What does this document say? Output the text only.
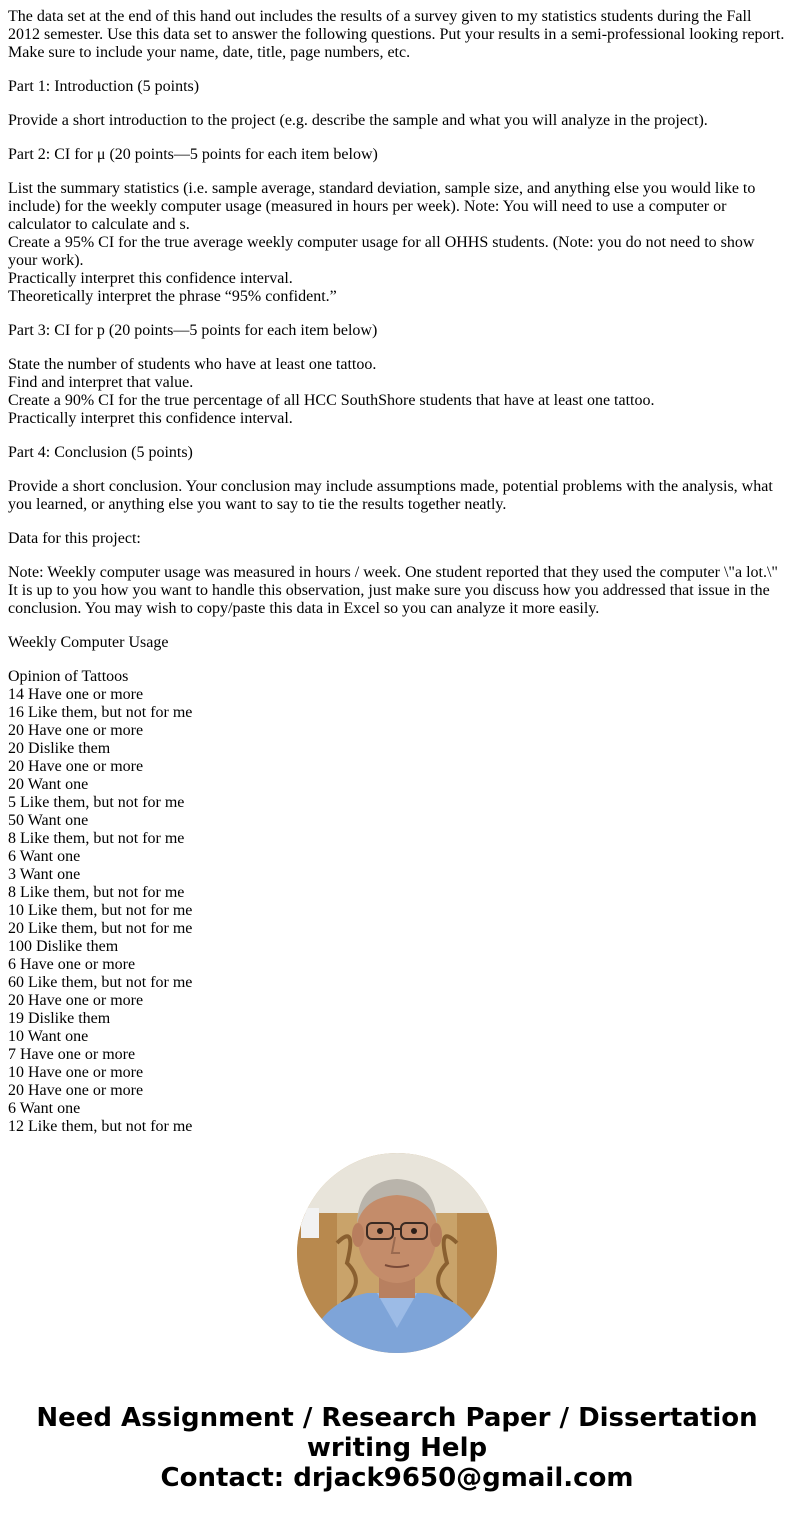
The data set at the end of this hand out includes the results of a survey given to my statistics students during the Fall 2012 semester. Use this data set to answer the following questions. Put your results in a semi-professional looking report. Make sure to include your name, date, title, page numbers, etc.

Part 1: Introduction (5 points)

Provide a short introduction to the project (e.g. describe the sample and what you will analyze in the project).

Part 2: CI for μ (20 points—5 points for each item below)

List the summary statistics (i.e. sample average, standard deviation, sample size, and anything else you would like to include) for the weekly computer usage (measured in hours per week). Note: You will need to use a computer or calculator to calculate and s.
Create a 95% CI for the true average weekly computer usage for all OHHS students. (Note: you do not need to show your work).
Practically interpret this confidence interval.
Theoretically interpret the phrase “95% confident.”

Part 3: CI for p (20 points—5 points for each item below)

State the number of students who have at least one tattoo.
Find and interpret that value.
Create a 90% CI for the true percentage of all HCC SouthShore students that have at least one tattoo.
Practically interpret this confidence interval.

Part 4: Conclusion (5 points)

Provide a short conclusion. Your conclusion may include assumptions made, potential problems with the analysis, what you learned, or anything else you want to say to tie the results together neatly.

Data for this project:

Note: Weekly computer usage was measured in hours / week. One student reported that they used the computer \"a lot.\" It is up to you how you want to handle this observation, just make sure you discuss how you addressed that issue in the conclusion. You may wish to copy/paste this data in Excel so you can analyze it more easily.

Weekly Computer Usage

Opinion of Tattoos
14 Have one or more
16 Like them, but not for me
20 Have one or more
20 Dislike them
20 Have one or more
20 Want one
5 Like them, but not for me
50 Want one
8 Like them, but not for me
6 Want one
3 Want one
8 Like them, but not for me
10 Like them, but not for me
20 Like them, but not for me
100 Dislike them
6 Have one or more
60 Like them, but not for me
20 Have one or more
19 Dislike them
10 Want one
7 Have one or more
10 Have one or more
20 Have one or more
6 Want one
12 Like them, but not for me
Need Assignment / Research Paper / Dissertation
writing Help
Contact: drjack9650@gmail.com
